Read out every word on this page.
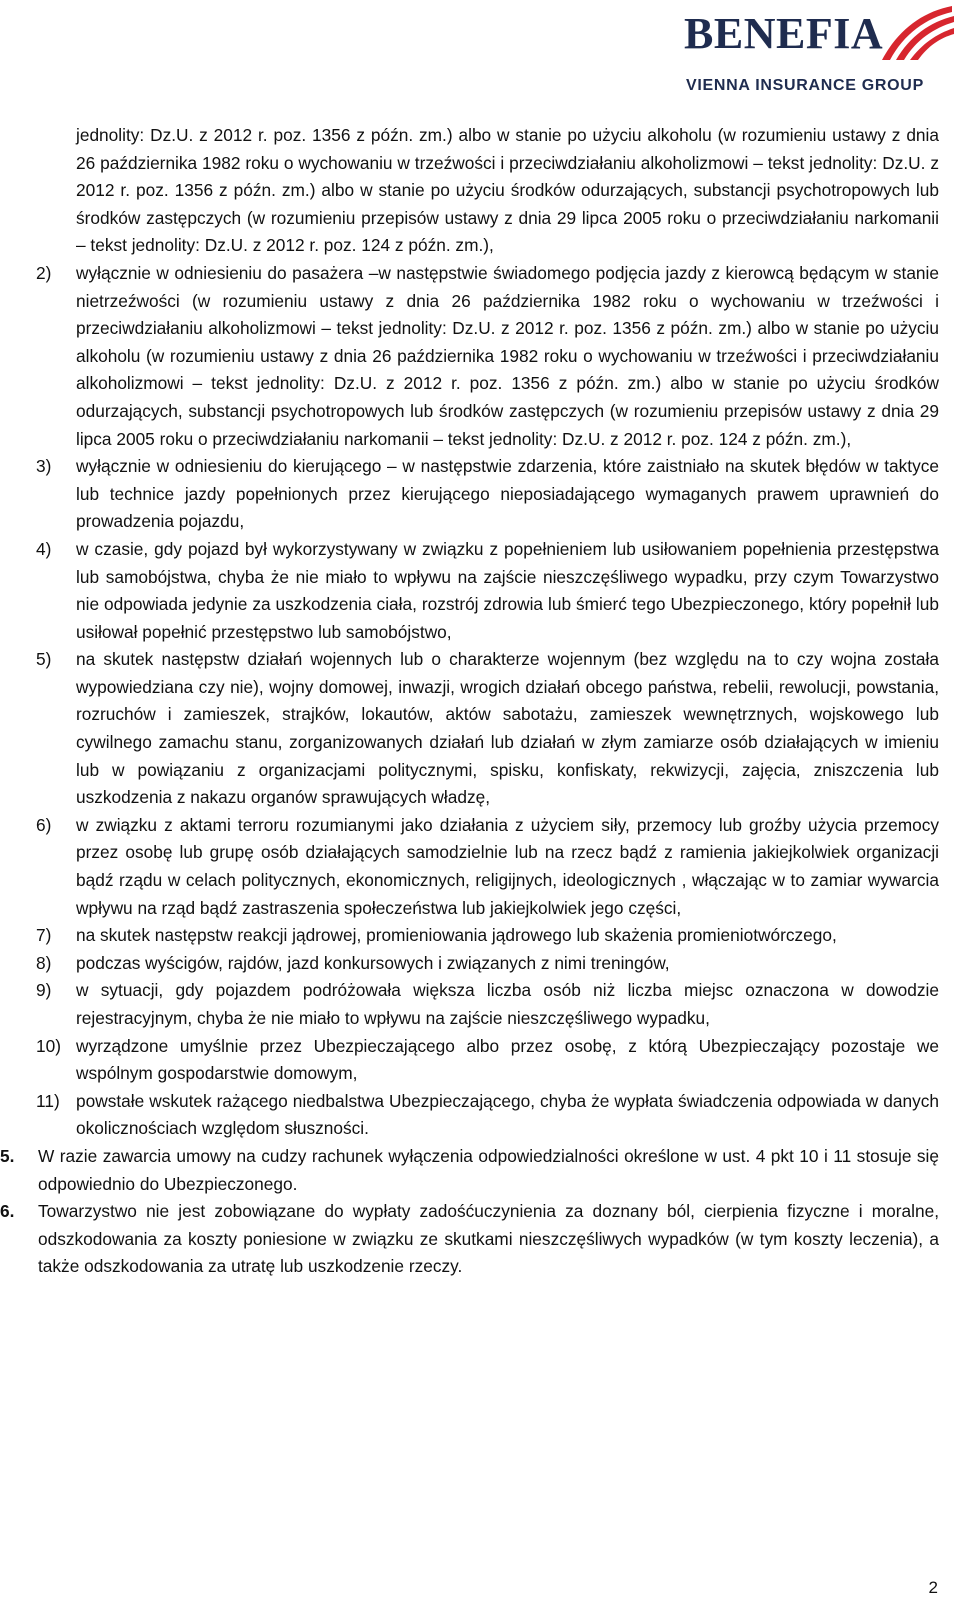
BENEFIA
VIENNA INSURANCE GROUP

jednolity: Dz.U. z 2012 r. poz. 1356 z późn. zm.) albo w stanie po użyciu alkoholu (w rozumieniu ustawy z dnia 26 października 1982 roku o wychowaniu w trzeźwości i przeciwdziałaniu alkoholizmowi – tekst jednolity: Dz.U. z 2012 r. poz. 1356 z późn. zm.) albo w stanie po użyciu środków odurzających, substancji psychotropowych lub środków zastępczych (w rozumieniu przepisów ustawy z dnia 29 lipca 2005 roku o przeciwdziałaniu narkomanii – tekst jednolity: Dz.U. z 2012 r. poz. 124 z późn. zm.),

2) wyłącznie w odniesieniu do pasażera –w następstwie świadomego podjęcia jazdy z kierowcą będącym w stanie nietrzeźwości (w rozumieniu ustawy z dnia 26 października 1982 roku o wychowaniu w trzeźwości i przeciwdziałaniu alkoholizmowi – tekst jednolity: Dz.U. z 2012 r. poz. 1356 z późn. zm.) albo w stanie po użyciu alkoholu (w rozumieniu ustawy z dnia 26 października 1982 roku o wychowaniu w trzeźwości i przeciwdziałaniu alkoholizmowi – tekst jednolity: Dz.U. z 2012 r. poz. 1356 z późn. zm.) albo w stanie po użyciu środków odurzających, substancji psychotropowych lub środków zastępczych (w rozumieniu przepisów ustawy z dnia 29 lipca 2005 roku o przeciwdziałaniu narkomanii – tekst jednolity: Dz.U. z 2012 r. poz. 124 z późn. zm.),
3) wyłącznie w odniesieniu do kierującego – w następstwie zdarzenia, które zaistniało na skutek błędów w taktyce lub technice jazdy popełnionych przez kierującego nieposiadającego wymaganych prawem uprawnień do prowadzenia pojazdu,
4) w czasie, gdy pojazd był wykorzystywany w związku z popełnieniem lub usiłowaniem popełnienia przestępstwa lub samobójstwa, chyba że nie miało to wpływu na zajście nieszczęśliwego wypadku, przy czym Towarzystwo nie odpowiada jedynie za uszkodzenia ciała, rozstrój zdrowia lub śmierć tego Ubezpieczonego, który popełnił lub usiłował popełnić przestępstwo lub samobójstwo,
5) na skutek następstw działań wojennych lub o charakterze wojennym (bez względu na to czy wojna została wypowiedziana czy nie), wojny domowej, inwazji, wrogich działań obcego państwa, rebelii, rewolucji, powstania, rozruchów i zamieszek, strajków, lokautów, aktów sabotażu, zamieszek wewnętrznych, wojskowego lub cywilnego zamachu stanu, zorganizowanych działań lub działań w złym zamiarze osób działających w imieniu lub w powiązaniu z organizacjami politycznymi, spisku, konfiskaty, rekwizycji, zajęcia, zniszczenia lub uszkodzenia z nakazu organów sprawujących władzę,
6) w związku z aktami terroru rozumianymi jako działania z użyciem siły, przemocy lub groźby użycia przemocy przez osobę lub grupę osób działających samodzielnie lub na rzecz bądź z ramienia jakiejkolwiek organizacji bądź rządu w celach politycznych, ekonomicznych, religijnych, ideologicznych , włączając w to zamiar wywarcia wpływu na rząd bądź zastraszenia społeczeństwa lub jakiejkolwiek jego części,
7) na skutek następstw reakcji jądrowej, promieniowania jądrowego lub skażenia promieniotwórczego,
8) podczas wyścigów, rajdów, jazd konkursowych i związanych z nimi treningów,
9) w sytuacji, gdy pojazdem podróżowała większa liczba osób niż liczba miejsc oznaczona w dowodzie rejestracyjnym, chyba że nie miało to wpływu na zajście nieszczęśliwego wypadku,
10) wyrządzone umyślnie przez Ubezpieczającego albo przez osobę, z którą Ubezpieczający pozostaje we wspólnym gospodarstwie domowym,
11) powstałe wskutek rażącego niedbalstwa Ubezpieczającego, chyba że wypłata świadczenia odpowiada w danych okolicznościach względom słuszności.
5. W razie zawarcia umowy na cudzy rachunek wyłączenia odpowiedzialności określone w ust. 4 pkt 10 i 11 stosuje się odpowiednio do Ubezpieczonego.
6. Towarzystwo nie jest zobowiązane do wypłaty zadośćuczynienia za doznany ból, cierpienia fizyczne i moralne, odszkodowania za koszty poniesione w związku ze skutkami nieszczęśliwych wypadków (w tym koszty leczenia), a także odszkodowania za utratę lub uszkodzenie rzeczy.
2
